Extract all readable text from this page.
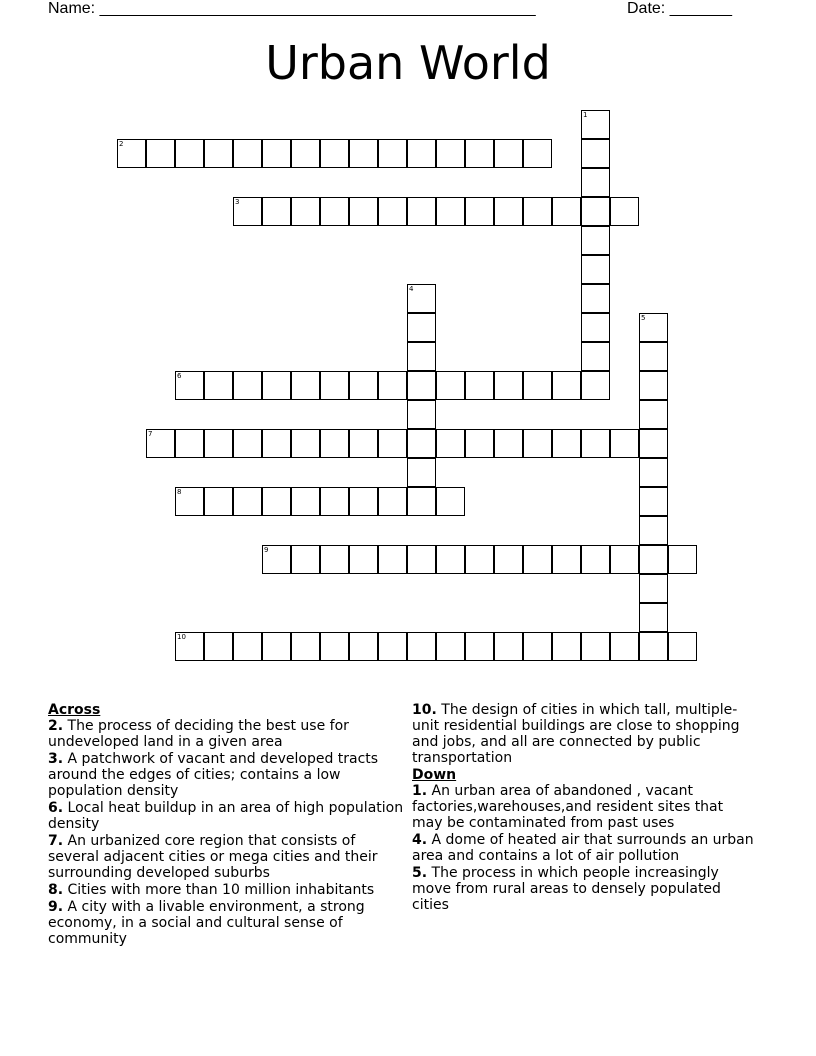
Name: _________________________________________________	Date: _______
Urban World
1
2
3
4
5
6
7
8
9
10
Across
2. The process of deciding the best use for undeveloped land in a given area
3. A patchwork of vacant and developed tracts around the edges of cities; contains a low population density
6. Local heat buildup in an area of high population density
7. An urbanized core region that consists of several adjacent cities or mega cities and their surrounding developed suburbs
8. Cities with more than 10 million inhabitants
9. A city with a livable environment, a strong economy, in a social and cultural sense of community
10. The design of cities in which tall, multiple-unit residential buildings are close to shopping and jobs, and all are connected by public transportation
Down
1. An urban area of abandoned , vacant factories,warehouses,and resident sites that may be contaminated from past uses
4. A dome of heated air that surrounds an urban area and contains a lot of air pollution
5. The process in which people increasingly move from rural areas to densely populated cities
